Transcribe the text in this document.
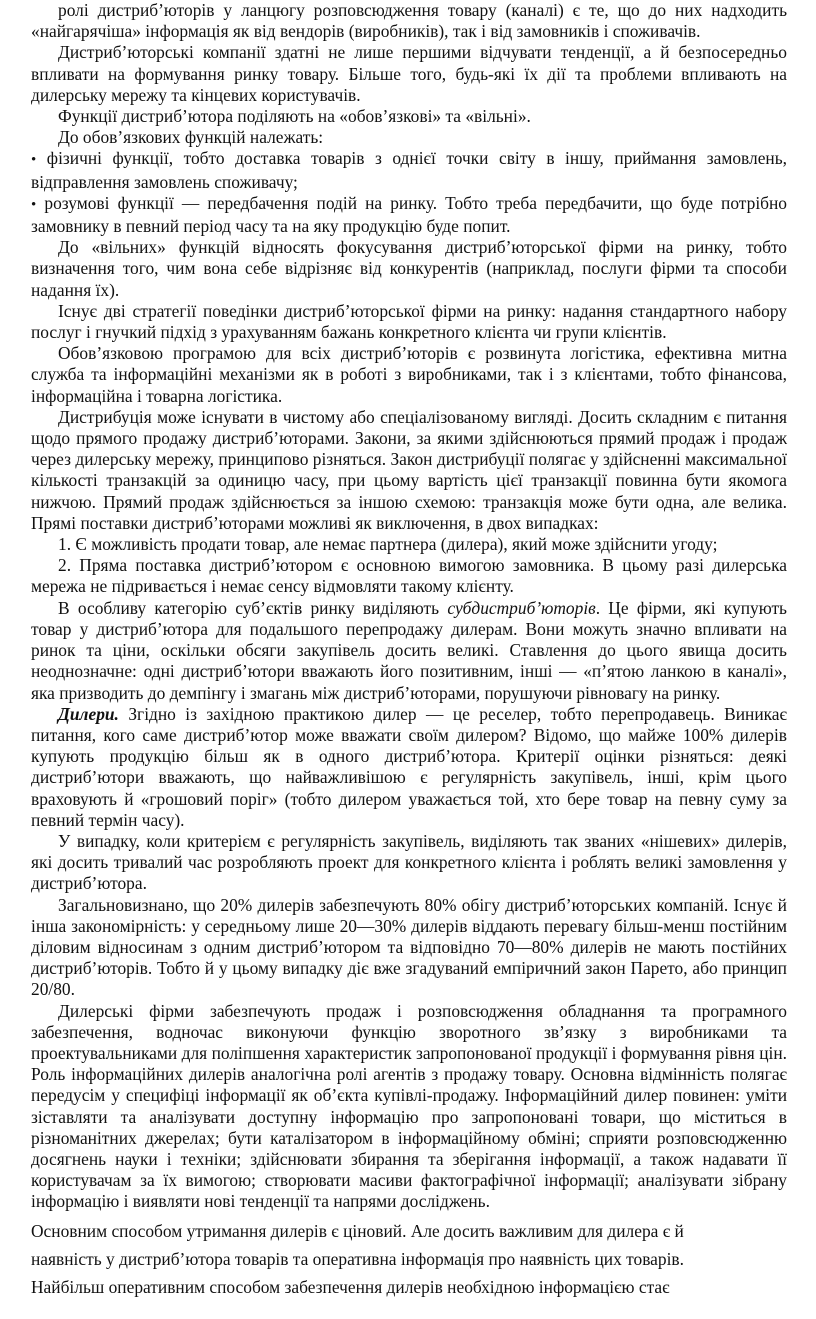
ролі дистриб’юторів у ланцюгу розповсюдження товару (каналі) є те, що до них надходить «найгарячіша» інформація як від вендорів (виробників), так і від замовників і споживачів.

Дистриб’юторські компанії здатні не лише першими відчувати тенденції, а й безпосередньо впливати на формування ринку товару. Більше того, будь-які їх дії та проблеми впливають на дилерську мережу та кінцевих користувачів.

Функції дистриб’ютора поділяють на «обов’язкові» та «вільні».

До обов’язкових функцій належать:

• фізичні функції, тобто доставка товарів з однієї точки світу в іншу, приймання замовлень, відправлення замовлень споживачу;

• розумові функції — передбачення подій на ринку. Тобто треба передбачити, що буде потрібно замовнику в певний період часу та на яку продукцію буде попит.

До «вільних» функцій відносять фокусування дистриб’юторської фірми на ринку, тобто визначення того, чим вона себе відрізняє від конкурентів (наприклад, послуги фірми та способи надання їх).

Існує дві стратегії поведінки дистриб’юторської фірми на ринку: надання стандартного набору послуг і гнучкий підхід з урахуванням бажань конкретного клієнта чи групи клієнтів.

Обов’язковою програмою для всіх дистриб’юторів є розвинута логістика, ефективна митна служба та інформаційні механізми як в роботі з виробниками, так і з клієнтами, тобто фінансова, інформаційна і товарна логістика.

Дистрибуція може існувати в чистому або спеціалізованому вигляді. Досить складним є питання щодо прямого продажу дистриб’юторами. Закони, за якими здійснюються прямий продаж і продаж через дилерську мережу, принципово різняться. Закон дистрибуції полягає у здійсненні максимальної кількості транзакцій за одиницю часу, при цьому вартість цієї транзакції повинна бути якомога нижчою. Прямий продаж здійснюється за іншою схемою: транзакція може бути одна, але велика. Прямі поставки дистриб’юторами можливі як виключення, в двох випадках:

1. Є можливість продати товар, але немає партнера (дилера), який може здійснити угоду;

2. Пряма поставка дистриб’ютором є основною вимогою замовника. В цьому разі дилерська мережа не підривається і немає сенсу відмовляти такому клієнту.

В особливу категорію суб’єктів ринку виділяють субдистриб’юторів. Це фірми, які купують товар у дистриб’ютора для подальшого перепродажу дилерам. Вони можуть значно впливати на ринок та ціни, оскільки обсяги закупівель досить великі. Ставлення до цього явища досить неоднозначне: одні дистриб’ютори вважають його позитивним, інші — «п’ятою ланкою в каналі», яка призводить до демпінгу і змагань між дистриб’юторами, порушуючи рівновагу на ринку.

Дилери. Згідно із західною практикою дилер — це реселер, тобто перепродавець. Виникає питання, кого саме дистриб’ютор може вважати своїм дилером? Відомо, що майже 100% дилерів купують продукцію більш як в одного дистриб’ютора. Критерії оцінки різняться: деякі дистриб’ютори вважають, що найважливішою є регулярність закупівель, інші, крім цього враховують й «грошовий поріг» (тобто дилером уважається той, хто бере товар на певну суму за певний термін часу).

У випадку, коли критерієм є регулярність закупівель, виділяють так званих «нішевих» дилерів, які досить тривалий час розробляють проект для конкретного клієнта і роблять великі замовлення у дистриб’ютора.

Загальновизнано, що 20% дилерів забезпечують 80% обігу дистриб’юторських компаній. Існує й інша закономірність: у середньому лише 20—30% дилерів віддають перевагу більш-менш постійним діловим відносинам з одним дистриб’ютором та відповідно 70—80% дилерів не мають постійних дистриб’юторів. Тобто й у цьому випадку діє вже згадуваний емпіричний закон Парето, або принцип 20/80.

Дилерські фірми забезпечують продаж і розповсюдження обладнання та програмного забезпечення, водночас виконуючи функцію зворотного зв’язку з виробниками та проектувальниками для поліпшення характеристик запропонованої продукції і формування рівня цін. Роль інформаційних дилерів аналогічна ролі агентів з продажу товару. Основна відмінність полягає передусім у специфіці інформації як об’єкта купівлі-продажу. Інформаційний дилер повинен: уміти зіставляти та аналізувати доступну інформацію про запропоновані товари, що міститься в різноманітних джерелах; бути каталізатором в інформаційному обміні; сприяти розповсюдженню досягнень науки і техніки; здійснювати збирання та зберігання інформації, а також надавати її користувачам за їх вимогою; створювати масиви фактографічної інформації; аналізувати зібрану інформацію і виявляти нові тенденції та напрями досліджень.

Основним способом утримання дилерів є ціновий. Але досить важливим для дилера є й

наявність у дистриб’ютора товарів та оперативна інформація про наявність цих товарів.

Найбільш оперативним способом забезпечення дилерів необхідною інформацією стає
